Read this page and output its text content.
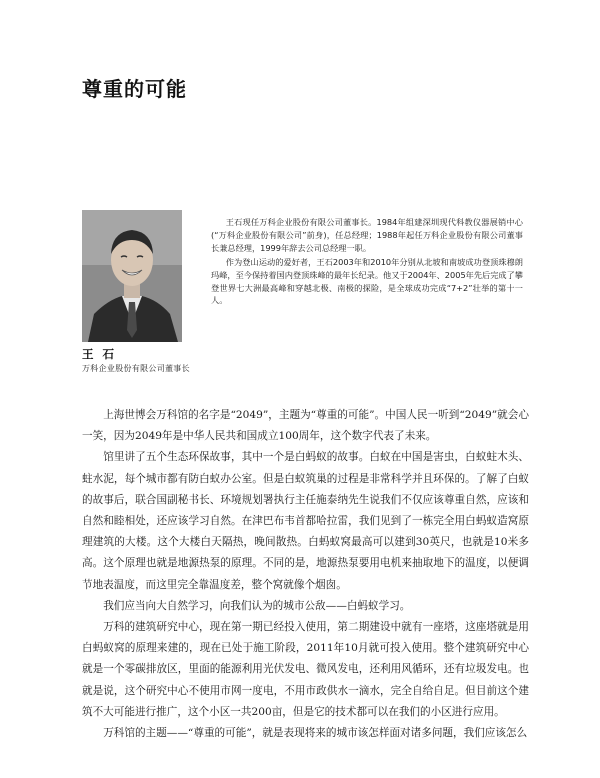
尊重的可能

王石现任万科企业股份有限公司董事长。1984年组建深圳现代科教仪器展销中心(“万科企业股份有限公司”前身)，任总经理；1988年起任万科企业股份有限公司董事长兼总经理，1999年辞去公司总经理一职。

作为登山运动的爱好者，王石2003年和2010年分别从北坡和南坡成功登顶珠穆朗玛峰，至今保持着国内登顶珠峰的最年长纪录。他又于2004年、2005年先后完成了攀登世界七大洲最高峰和穿越北极、南极的探险，是全球成功完成“7+2”壮举的第十一人。

王石
万科企业股份有限公司董事长

上海世博会万科馆的名字是“2049”，主题为“尊重的可能”。中国人民一听到“2049”就会心一笑，因为2049年是中华人民共和国成立100周年，这个数字代表了未来。

馆里讲了五个生态环保故事，其中一个是白蚂蚁的故事。白蚁在中国是害虫，白蚁蛀木头、蛀水泥，每个城市都有防白蚁办公室。但是白蚁筑巢的过程是非常科学并且环保的。了解了白蚁的故事后，联合国副秘书长、环境规划署执行主任施泰纳先生说我们不仅应该尊重自然，应该和自然和睦相处，还应该学习自然。在津巴布韦首都哈拉雷，我们见到了一栋完全用白蚂蚁造窝原理建筑的大楼。这个大楼白天隔热，晚间散热。白蚂蚁窝最高可以建到30英尺，也就是10米多高。这个原理也就是地源热泵的原理。不同的是，地源热泵要用电机来抽取地下的温度，以便调节地表温度，而这里完全靠温度差，整个窝就像个烟囱。

我们应当向大自然学习，向我们认为的城市公敌——白蚂蚁学习。

万科的建筑研究中心，现在第一期已经投入使用，第二期建设中就有一座塔，这座塔就是用白蚂蚁窝的原理来建的，现在已处于施工阶段，2011年10月就可投入使用。整个建筑研究中心就是一个零碳排放区，里面的能源利用光伏发电、微风发电，还利用风循环，还有垃圾发电。也就是说，这个研究中心不使用市网一度电，不用市政供水一滴水，完全自给自足。但目前这个建筑不大可能进行推广，这个小区一共200亩，但是它的技术都可以在我们的小区进行应用。

万科馆的主题——“尊重的可能”，就是表现将来的城市该怎样面对诸多问题，我们应该怎么
